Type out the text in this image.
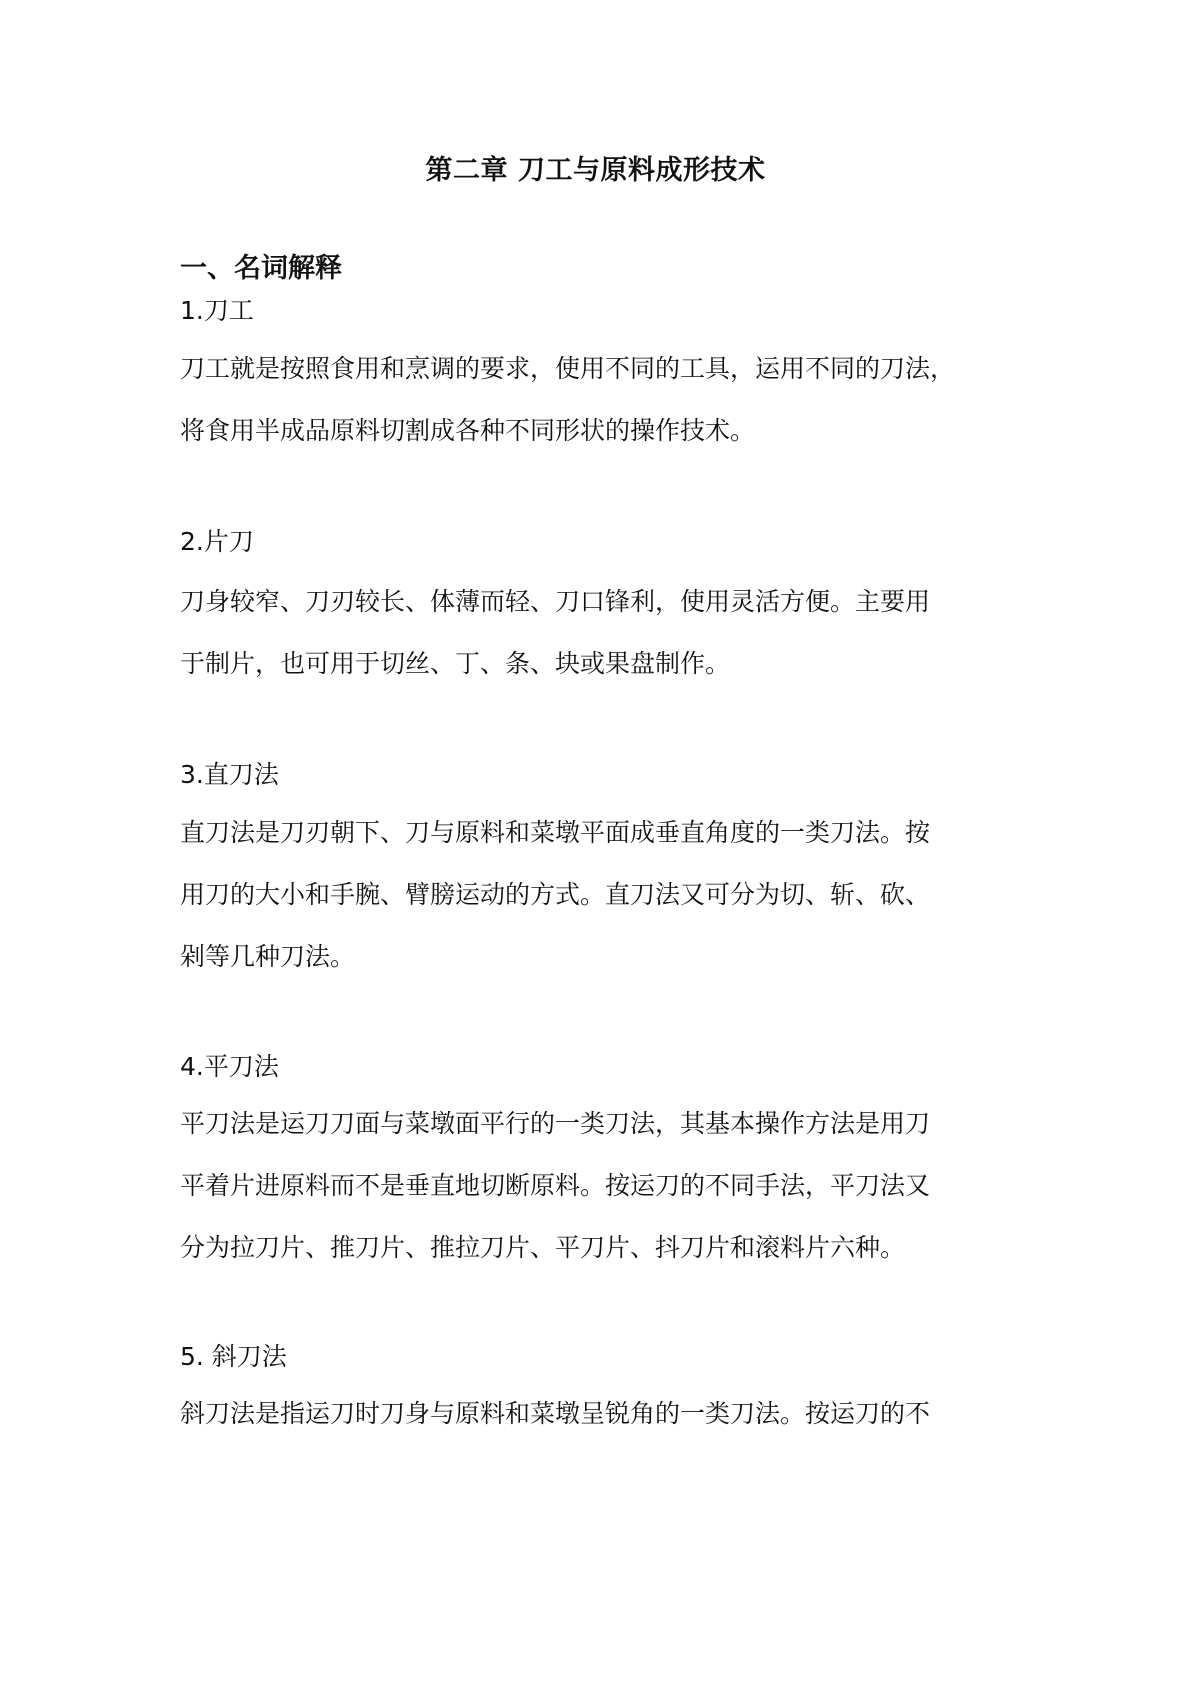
第二章 刀工与原料成形技术
一、名词解释
1.刀工
刀工就是按照食用和烹调的要求，使用不同的工具，运用不同的刀法，
将食用半成品原料切割成各种不同形状的操作技术。
2.片刀
刀身较窄、刀刃较长、体薄而轻、刀口锋利，使用灵活方便。主要用
于制片，也可用于切丝、丁、条、块或果盘制作。
3.直刀法
直刀法是刀刃朝下、刀与原料和菜墩平面成垂直角度的一类刀法。按
用刀的大小和手腕、臂膀运动的方式。直刀法又可分为切、斩、砍、
剁等几种刀法。
4.平刀法
平刀法是运刀刀面与菜墩面平行的一类刀法，其基本操作方法是用刀
平着片进原料而不是垂直地切断原料。按运刀的不同手法，平刀法又
分为拉刀片、推刀片、推拉刀片、平刀片、抖刀片和滚料片六种。
5. 斜刀法
斜刀法是指运刀时刀身与原料和菜墩呈锐角的一类刀法。按运刀的不
